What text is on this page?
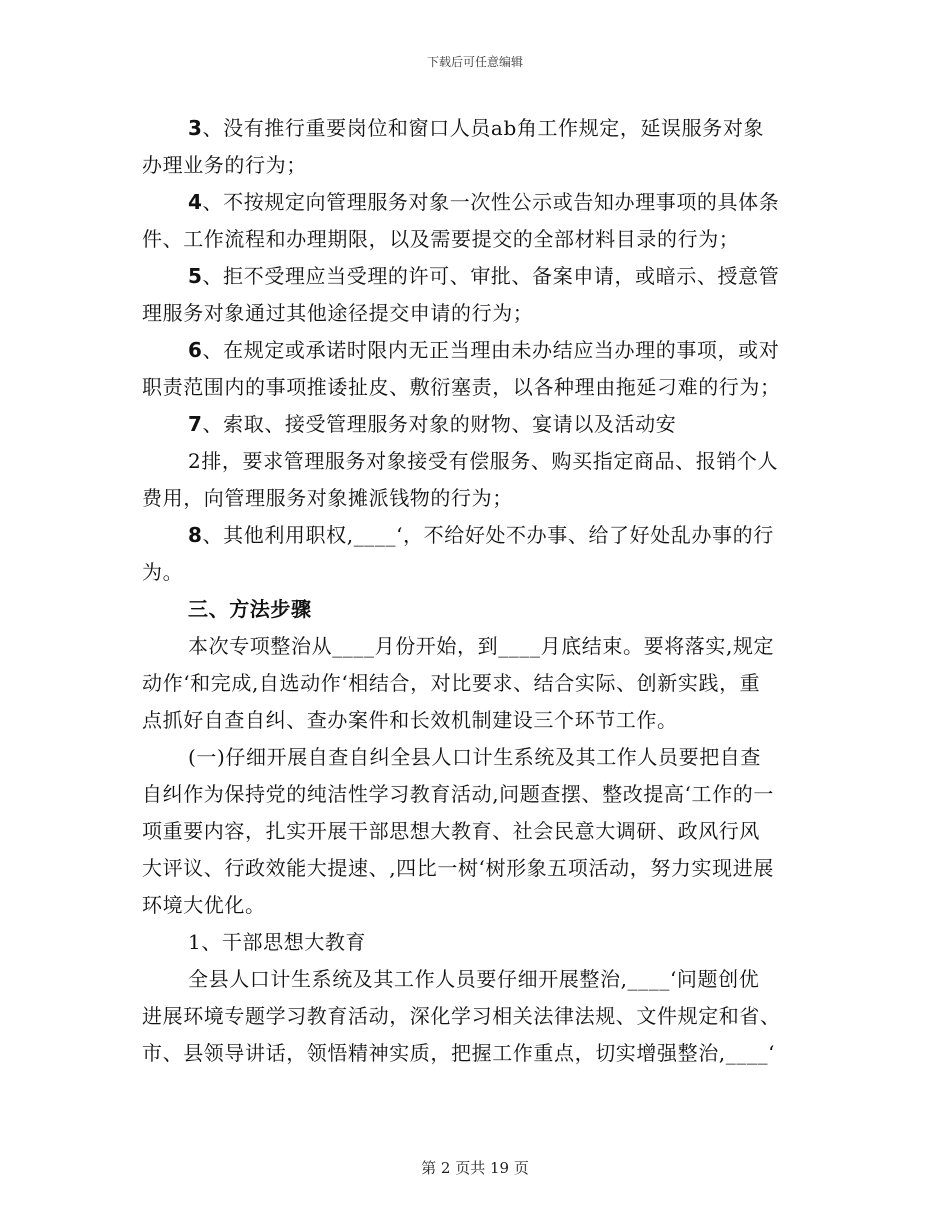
下载后可任意编辑
3、没有推行重要岗位和窗口人员ab角工作规定，延误服务对象
办理业务的行为；
4、不按规定向管理服务对象一次性公示或告知办理事项的具体条
件、工作流程和办理期限，以及需要提交的全部材料目录的行为；
5、拒不受理应当受理的许可、审批、备案申请，或暗示、授意管
理服务对象通过其他途径提交申请的行为；
6、在规定或承诺时限内无正当理由未办结应当办理的事项，或对
职责范围内的事项推诿扯皮、敷衍塞责，以各种理由拖延刁难的行为；
7、索取、接受管理服务对象的财物、宴请以及活动安
2排，要求管理服务对象接受有偿服务、购买指定商品、报销个人
费用，向管理服务对象摊派钱物的行为；
8、其他利用职权,____‘，不给好处不办事、给了好处乱办事的行
为。
三、方法步骤
本次专项整治从____月份开始，到____月底结束。要将落实,规定
动作‘和完成,自选动作‘相结合，对比要求、结合实际、创新实践，重
点抓好自查自纠、查办案件和长效机制建设三个环节工作。
(一)仔细开展自查自纠全县人口计生系统及其工作人员要把自查
自纠作为保持党的纯洁性学习教育活动,问题查摆、整改提高‘工作的一
项重要内容，扎实开展干部思想大教育、社会民意大调研、政风行风
大评议、行政效能大提速、,四比一树‘树形象五项活动，努力实现进展
环境大优化。
1、干部思想大教育
全县人口计生系统及其工作人员要仔细开展整治,____‘问题创优
进展环境专题学习教育活动，深化学习相关法律法规、文件规定和省、
市、县领导讲话，领悟精神实质，把握工作重点，切实增强整治,____‘
第 2 页共 19 页
